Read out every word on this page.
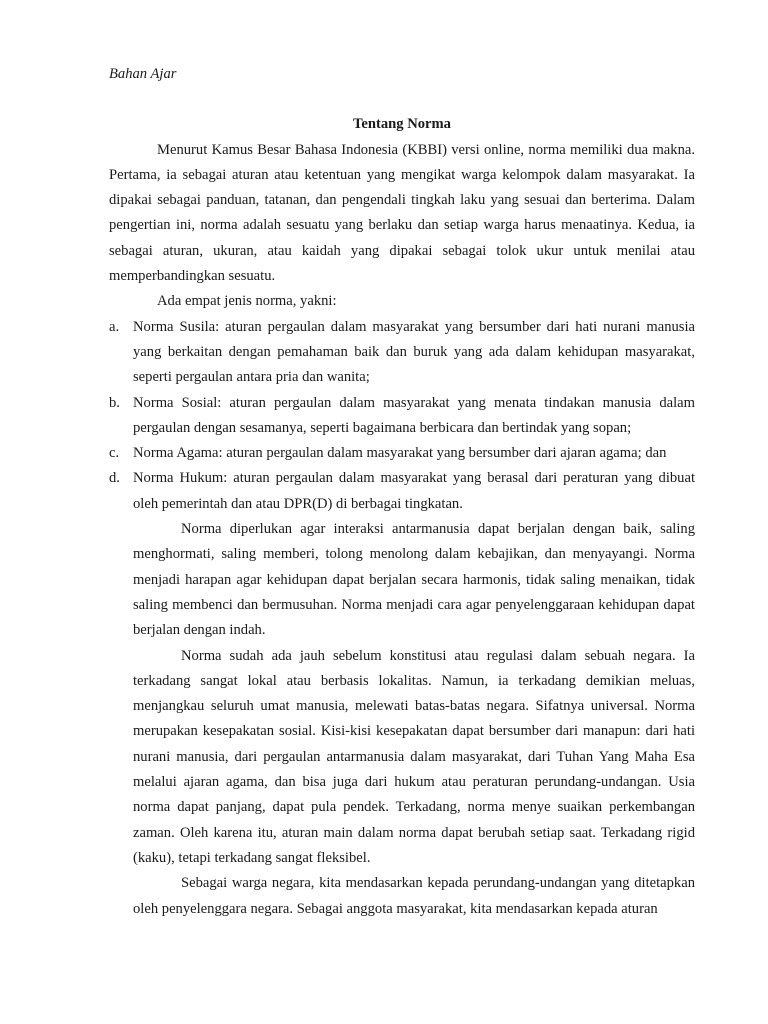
Bahan Ajar
Tentang Norma

Menurut Kamus Besar Bahasa Indonesia (KBBI) versi online, norma memiliki dua makna. Pertama, ia sebagai aturan atau ketentuan yang mengikat warga kelompok dalam masyarakat. Ia dipakai sebagai panduan, tatanan, dan pengendali tingkah laku yang sesuai dan berterima. Dalam pengertian ini, norma adalah sesuatu yang berlaku dan setiap warga harus menaatinya. Kedua, ia sebagai aturan, ukuran, atau kaidah yang dipakai sebagai tolok ukur untuk menilai atau memperbandingkan sesuatu.

Ada empat jenis norma, yakni:

a. Norma Susila: aturan pergaulan dalam masyarakat yang bersumber dari hati nurani manusia yang berkaitan dengan pemahaman baik dan buruk yang ada dalam kehidupan masyarakat, seperti pergaulan antara pria dan wanita;
b. Norma Sosial: aturan pergaulan dalam masyarakat yang menata tindakan manusia dalam pergaulan dengan sesamanya, seperti bagaimana berbicara dan bertindak yang sopan;
c. Norma Agama: aturan pergaulan dalam masyarakat yang bersumber dari ajaran agama; dan
d. Norma Hukum: aturan pergaulan dalam masyarakat yang berasal dari peraturan yang dibuat oleh pemerintah dan atau DPR(D) di berbagai tingkatan.

Norma diperlukan agar interaksi antarmanusia dapat berjalan dengan baik, saling menghormati, saling memberi, tolong menolong dalam kebajikan, dan menyayangi. Norma menjadi harapan agar kehidupan dapat berjalan secara harmonis, tidak saling menaikan, tidak saling membenci dan bermusuhan. Norma menjadi cara agar penyelenggaraan kehidupan dapat berjalan dengan indah.

Norma sudah ada jauh sebelum konstitusi atau regulasi dalam sebuah negara. Ia terkadang sangat lokal atau berbasis lokalitas. Namun, ia terkadang demikian meluas, menjangkau seluruh umat manusia, melewati batas-batas negara. Sifatnya universal. Norma merupakan kesepakatan sosial. Kisi-kisi kesepakatan dapat bersumber dari manapun: dari hati nurani manusia, dari pergaulan antarmanusia dalam masyarakat, dari Tuhan Yang Maha Esa melalui ajaran agama, dan bisa juga dari hukum atau peraturan perundang-undangan. Usia norma dapat panjang, dapat pula pendek. Terkadang, norma menye suaikan perkembangan zaman. Oleh karena itu, aturan main dalam norma dapat berubah setiap saat. Terkadang rigid (kaku), tetapi terkadang sangat fleksibel.

Sebagai warga negara, kita mendasarkan kepada perundang-undangan yang ditetapkan oleh penyelenggara negara. Sebagai anggota masyarakat, kita mendasarkan kepada aturan
